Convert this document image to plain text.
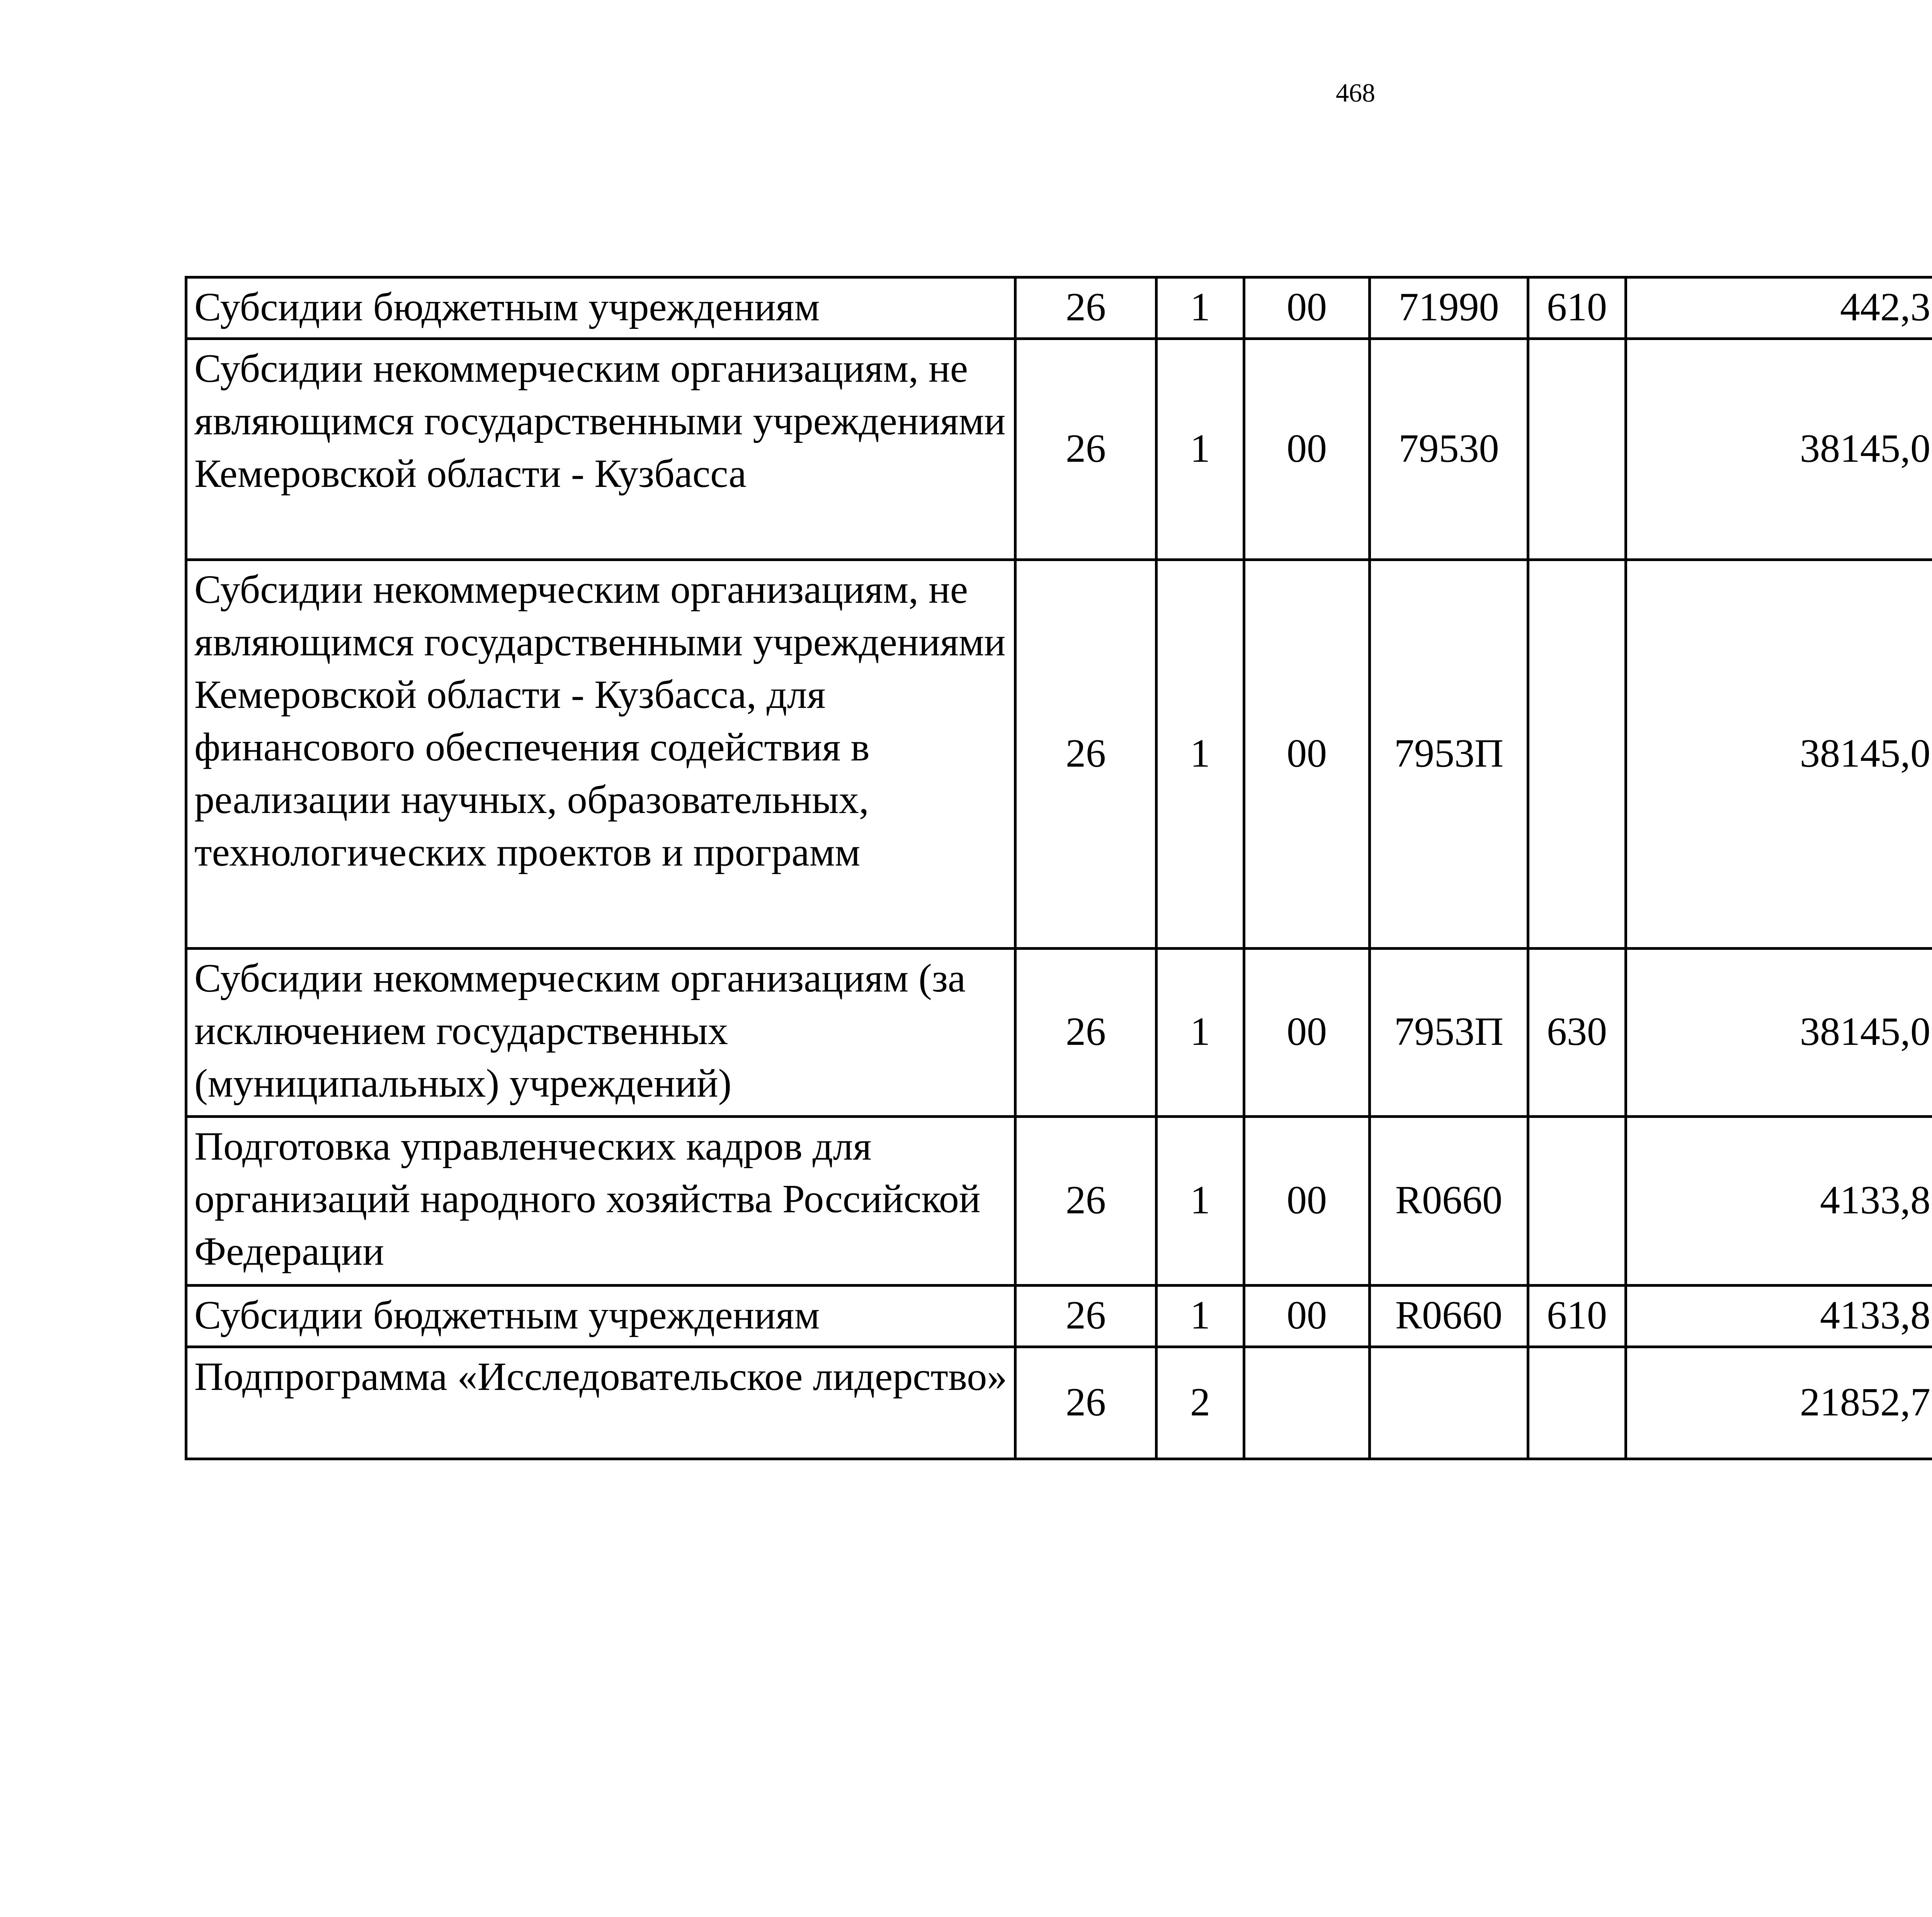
468
Субсидии бюджетным учреждениям	26	1	00	71990	610	442,3		
Субсидии некоммерческим организациям, не являющимся государственными учреждениями Кемеровской области - Кузбасса	26	1	00	79530		38145,0		
Субсидии некоммерческим организациям, не являющимся государственными учреждениями Кемеровской области - Кузбасса, для финансового обеспечения содействия в реализации научных, образовательных, технологических проектов и программ	26	1	00	7953П		38145,0		
Субсидии некоммерческим организациям (за исключением государственных (муниципальных) учреждений)	26	1	00	7953П	630	38145,0		
Подготовка управленческих кадров для организаций народного хозяйства Российской Федерации	26	1	00	R0660		4133,8		
Субсидии бюджетным учреждениям	26	1	00	R0660	610	4133,8		
Подпрограмма «Исследовательское лидерство»	26	2				21852,7		
